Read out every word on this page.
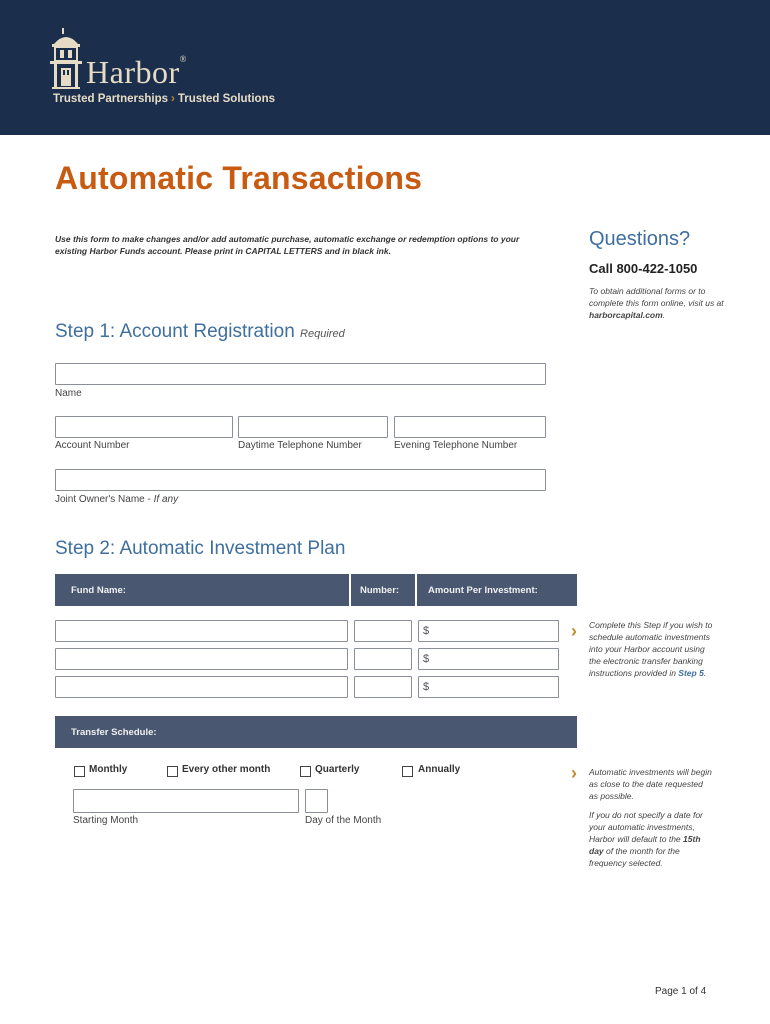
Harbor®
Trusted Partnerships › Trusted Solutions
Automatic Transactions
Use this form to make changes and/or add automatic purchase, automatic exchange or redemption options to your existing Harbor Funds account. Please print in CAPITAL LETTERS and in black ink.
Questions?
Call 800-422-1050
To obtain additional forms or to complete this form online, visit us at harborcapital.com.
Step 1: Account Registration Required
Name
Account Number	Daytime Telephone Number	Evening Telephone Number
Joint Owner's Name - If any
Step 2: Automatic Investment Plan
Fund Name:	Number:	Amount Per Investment:
$
$
$
› Complete this Step if you wish to schedule automatic investments into your Harbor account using the electronic transfer banking instructions provided in Step 5.
Transfer Schedule:
Monthly	Every other month	Quarterly	Annually
Starting Month	Day of the Month
› Automatic investments will begin as close to the date requested as possible.
If you do not specify a date for your automatic investments, Harbor will default to the 15th day of the month for the frequency selected.
Page 1 of 4
